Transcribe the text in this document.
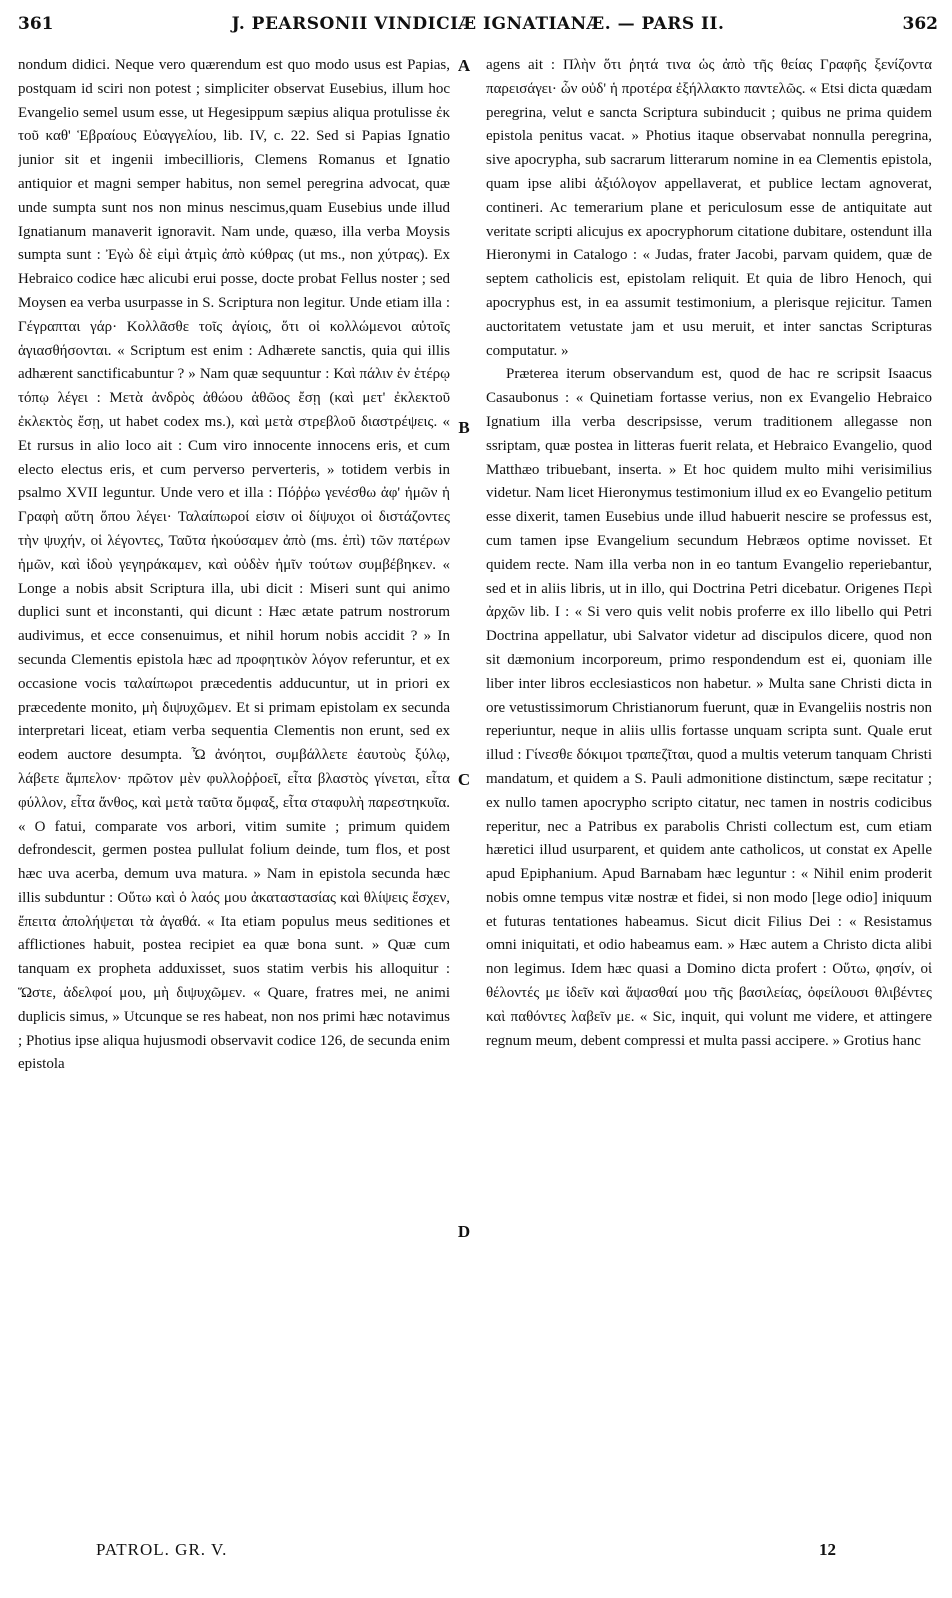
361	J. PEARSONII VINDICIÆ IGNATIANÆ. — PARS II.	362

nondum didici. Neque vero quærendum est quo modo usus est Papias, postquam id sciri non potest ; simpliciter observat Eusebius, illum hoc Evangelio semel usum esse, ut Hegesippum sæpius aliqua protulisse ἐκ τοῦ καθ' Ἑβραίους Εὐαγγελίου, lib. IV, c. 22. Sed si Papias Ignatio junior sit et ingenii imbecillioris, Clemens Romanus et Ignatio antiquior et magni semper habitus, non semel peregrina advocat, quæ unde sumpta sunt nos non minus nescimus,quam Eusebius unde illud Ignatianum manaverit ignoravit. Nam unde, quæso, illa verba Moysis sumpta sunt : Ἐγὼ δὲ εἰμὶ ἀτμὶς ἀπὸ κύθρας (ut ms., non χύτρας). Ex Hebraico codice hæc alicubi erui posse, docte probat Fellus noster ; sed Moysen ea verba usurpasse in S. Scriptura non legitur. Unde etiam illa : Γέγραπται γάρ· Κολλᾶσθε τοῖς ἁγίοις, ὅτι οἱ κολλώμενοι αὐτοῖς ἁγιασθήσονται. « Scriptum est enim : Adhærete sanctis, quia qui illis adhærent sanctificabuntur ? » Nam quæ sequuntur : Καὶ πάλιν ἐν ἑτέρῳ τόπῳ λέγει : Μετὰ ἀνδρὸς ἀθώου ἀθῶος ἔσῃ (καὶ μετ' ἐκλεκτοῦ ἐκλεκτὸς ἔσῃ, ut habet codex ms.), καὶ μετὰ στρεβλοῦ διαστρέψεις. « Et rursus in alio loco ait : Cum viro innocente innocens eris, et cum electo electus eris, et cum perverso perverteris, » totidem verbis in psalmo XVII leguntur. Unde vero et illa : Πόῤῥω γενέσθω ἀφ' ἡμῶν ἡ Γραφὴ αὕτη ὅπου λέγει· Ταλαίπωροί εἰσιν οἱ δίψυχοι οἱ διστάζοντες τὴν ψυχήν, οἱ λέγοντες, Ταῦτα ἠκούσαμεν ἀπὸ (ms. ἐπὶ) τῶν πατέρων ἡμῶν, καὶ ἰδοὺ γεγηράκαμεν, καὶ οὐδὲν ἡμῖν τούτων συμβέβηκεν. « Longe a nobis absit Scriptura illa, ubi dicit : Miseri sunt qui animo duplici sunt et inconstanti, qui dicunt : Hæc ætate patrum nostrorum audivimus, et ecce consenuimus, et nihil horum nobis accidit ? » In secunda Clementis epistola hæc ad προφητικὸν λόγον referuntur, et ex occasione vocis ταλαίπωροι præcedentis adducuntur, ut in priori ex præcedente monito, μὴ διψυχῶμεν. Et si primam epistolam ex secunda interpretari liceat, etiam verba sequentia Clementis non erunt, sed ex eodem auctore desumpta. Ὦ ἀνόητοι, συμβάλλετε ἑαυτοὺς ξύλῳ, λάβετε ἄμπελον· πρῶτον μὲν φυλλοῤῥοεῖ, εἶτα βλαστὸς γίνεται, εἶτα φύλλον, εἶτα ἄνθος, καὶ μετὰ ταῦτα ὄμφαξ, εἶτα σταφυλὴ παρεστηκυῖα. « O fatui, comparate vos arbori, vitim sumite ; primum quidem defrondescit, germen postea pullulat folium deinde, tum flos, et post hæc uva acerba, demum uva matura. » Nam in epistola secunda hæc illis subduntur : Οὕτω καὶ ὁ λαός μου ἀκαταστασίας καὶ θλίψεις ἔσχεν, ἔπειτα ἀπολήψεται τὰ ἀγαθά. « Ita etiam populus meus seditiones et afflictiones habuit, postea recipiet ea quæ bona sunt. » Quæ cum tanquam ex propheta adduxisset, suos statim verbis his alloquitur : Ὥστε, ἀδελφοί μου, μὴ διψυχῶμεν. « Quare, fratres mei, ne animi duplicis simus, » Utcunque se res habeat, non nos primi hæc notavimus ; Photius ipse aliqua hujusmodi observavit codice 126, de secunda enim epistola

A
B
C
D

agens ait : Πλὴν ὅτι ῥητά τινα ὡς ἀπὸ τῆς θείας Γραφῆς ξενίζοντα παρεισάγει· ὧν οὐδ' ἡ προτέρα ἐξήλλακτο παντελῶς. « Etsi dicta quædam peregrina, velut e sancta Scriptura subinducit ; quibus ne prima quidem epistola penitus vacat. » Photius itaque observabat nonnulla peregrina, sive apocrypha, sub sacrarum litterarum nomine in ea Clementis epistola, quam ipse alibi ἀξιόλογον appellaverat, et publice lectam agnoverat, contineri. Ac temerarium plane et periculosum esse de antiquitate aut veritate scripti alicujus ex apocryphorum citatione dubitare, ostendunt illa Hieronymi in Catalogo : « Judas, frater Jacobi, parvam quidem, quæ de septem catholicis est, epistolam reliquit. Et quia de libro Henoch, qui apocryphus est, in ea assumit testimonium, a plerisque rejicitur. Tamen auctoritatem vetustate jam et usu meruit, et inter sanctas Scripturas computatur. »

Præterea iterum observandum est, quod de hac re scripsit Isaacus Casaubonus : « Quinetiam fortasse verius, non ex Evangelio Hebraico Ignatium illa verba descripsisse, verum traditionem allegasse non ssriptam, quæ postea in litteras fuerit relata, et Hebraico Evangelio, quod Matthæo tribuebant, inserta. » Et hoc quidem multo mihi verisimilius videtur. Nam licet Hieronymus testimonium illud ex eo Evangelio petitum esse dixerit, tamen Eusebius unde illud habuerit nescire se professus est, cum tamen ipse Evangelium secundum Hebræos optime novisset. Et quidem recte. Nam illa verba non in eo tantum Evangelio reperiebantur, sed et in aliis libris, ut in illo, qui Doctrina Petri dicebatur. Origenes Περὶ ἀρχῶν lib. I : « Si vero quis velit nobis proferre ex illo libello qui Petri Doctrina appellatur, ubi Salvator videtur ad discipulos dicere, quod non sit dæmonium incorporeum, primo respondendum est ei, quoniam ille liber inter libros ecclesiasticos non habetur. » Multa sane Christi dicta in ore vetustissimorum Christianorum fuerunt, quæ in Evangeliis nostris non reperiuntur, neque in aliis ullis fortasse unquam scripta sunt. Quale erut illud : Γίνεσθε δόκιμοι τραπεζῖται, quod a multis veterum tanquam Christi mandatum, et quidem a S. Pauli admonitione distinctum, sæpe recitatur ; ex nullo tamen apocrypho scripto citatur, nec tamen in nostris codicibus reperitur, nec a Patribus ex parabolis Christi collectum est, cum etiam hæretici illud usurparent, et quidem ante catholicos, ut constat ex Apelle apud Epiphanium. Apud Barnabam hæc leguntur : « Nihil enim proderit nobis omne tempus vitæ nostræ et fidei, si non modo [lege odio] iniquum et futuras tentationes habeamus. Sicut dicit Filius Dei : « Resistamus omni iniquitati, et odio habeamus eam. » Hæc autem a Christo dicta alibi non legimus. Idem hæc quasi a Domino dicta profert : Οὕτω, φησίν, οἱ θέλοντές με ἰδεῖν καὶ ἅψασθαί μου τῆς βασιλείας, ὀφείλουσι θλιβέντες καὶ παθόντες λαβεῖν με. « Sic, inquit, qui volunt me videre, et attingere regnum meum, debent compressi et multa passi accipere. » Grotius hanc

PATROL. GR. V.	12
